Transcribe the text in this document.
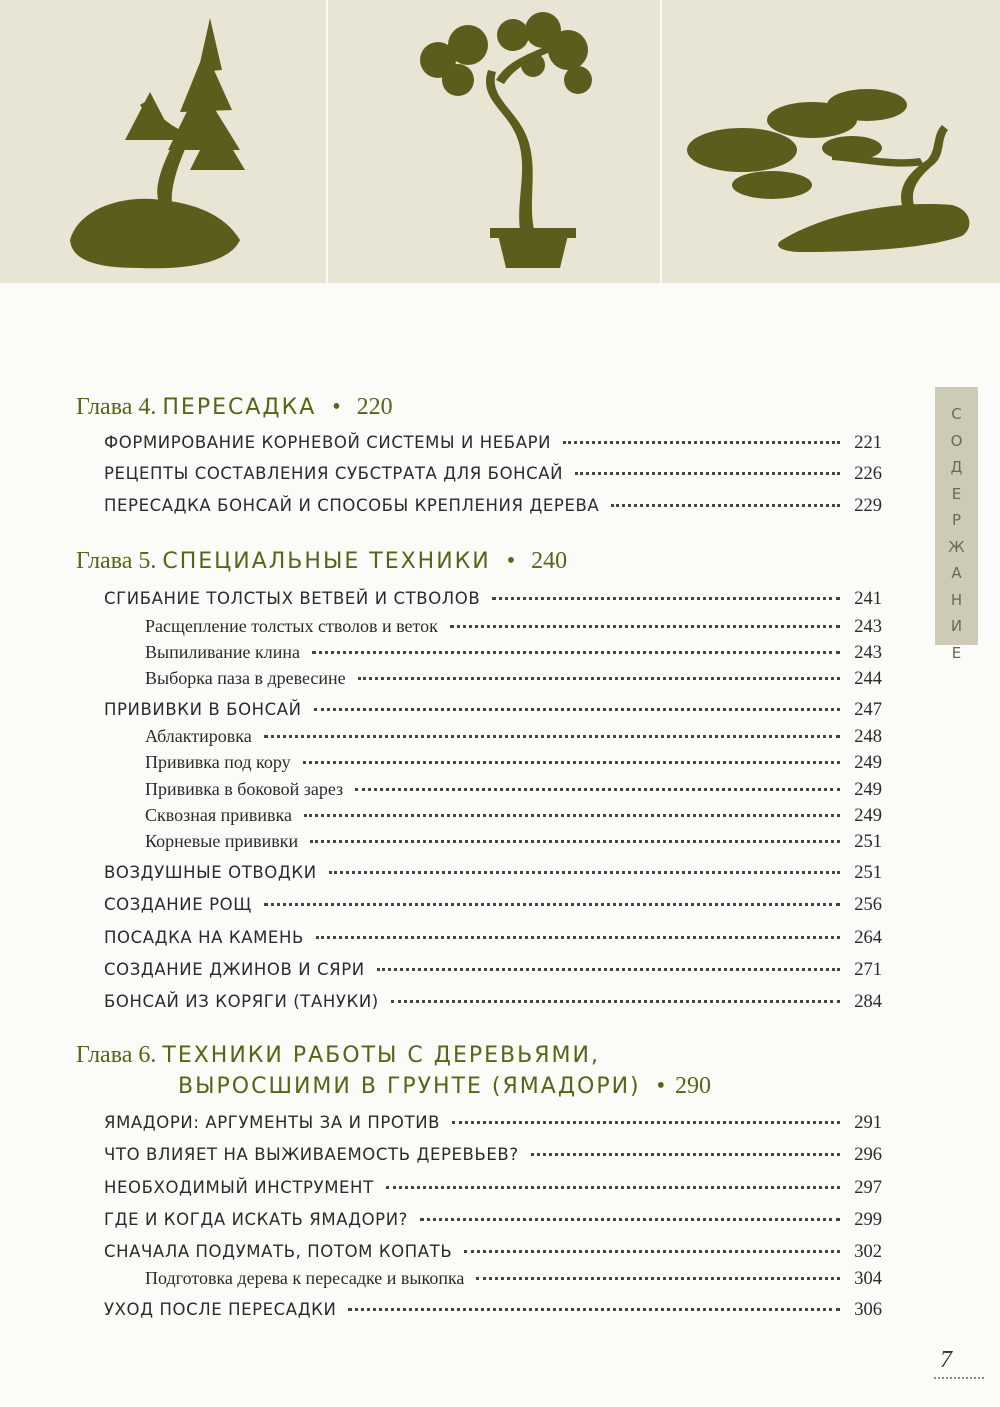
Глава 4. ПЕРЕСАДКА • 220
ФОРМИРОВАНИЕ КОРНЕВОЙ СИСТЕМЫ И НЕБАРИ	221
РЕЦЕПТЫ СОСТАВЛЕНИЯ СУБСТРАТА ДЛЯ БОНСАЙ	226
ПЕРЕСАДКА БОНСАЙ И СПОСОБЫ КРЕПЛЕНИЯ ДЕРЕВА	229
Глава 5. СПЕЦИАЛЬНЫЕ ТЕХНИКИ • 240
СГИБАНИЕ ТОЛСТЫХ ВЕТВЕЙ И СТВОЛОВ	241
Расщепление толстых стволов и веток	243
Выпиливание клина	243
Выборка паза в древесине	244
ПРИВИВКИ В БОНСАЙ	247
Аблактировка	248
Прививка под кору	249
Прививка в боковой зарез	249
Сквозная прививка	249
Корневые прививки	251
ВОЗДУШНЫЕ ОТВОДКИ	251
СОЗДАНИЕ РОЩ	256
ПОСАДКА НА КАМЕНЬ	264
СОЗДАНИЕ ДЖИНОВ И СЯРИ	271
БОНСАЙ ИЗ КОРЯГИ (ТАНУКИ)	284
Глава 6. ТЕХНИКИ РАБОТЫ С ДЕРЕВЬЯМИ,
ВЫРОСШИМИ В ГРУНТЕ (ЯМАДОРИ) • 290
ЯМАДОРИ: АРГУМЕНТЫ ЗА И ПРОТИВ	291
ЧТО ВЛИЯЕТ НА ВЫЖИВАЕМОСТЬ ДЕРЕВЬЕВ?	296
НЕОБХОДИМЫЙ ИНСТРУМЕНТ	297
ГДЕ И КОГДА ИСКАТЬ ЯМАДОРИ?	299
СНАЧАЛА ПОДУМАТЬ, ПОТОМ КОПАТЬ	302
Подготовка дерева к пересадке и выкопка	304
УХОД ПОСЛЕ ПЕРЕСАДКИ	306
С
О
Д
Е
Р
Ж
А
Н
И
Е
7
